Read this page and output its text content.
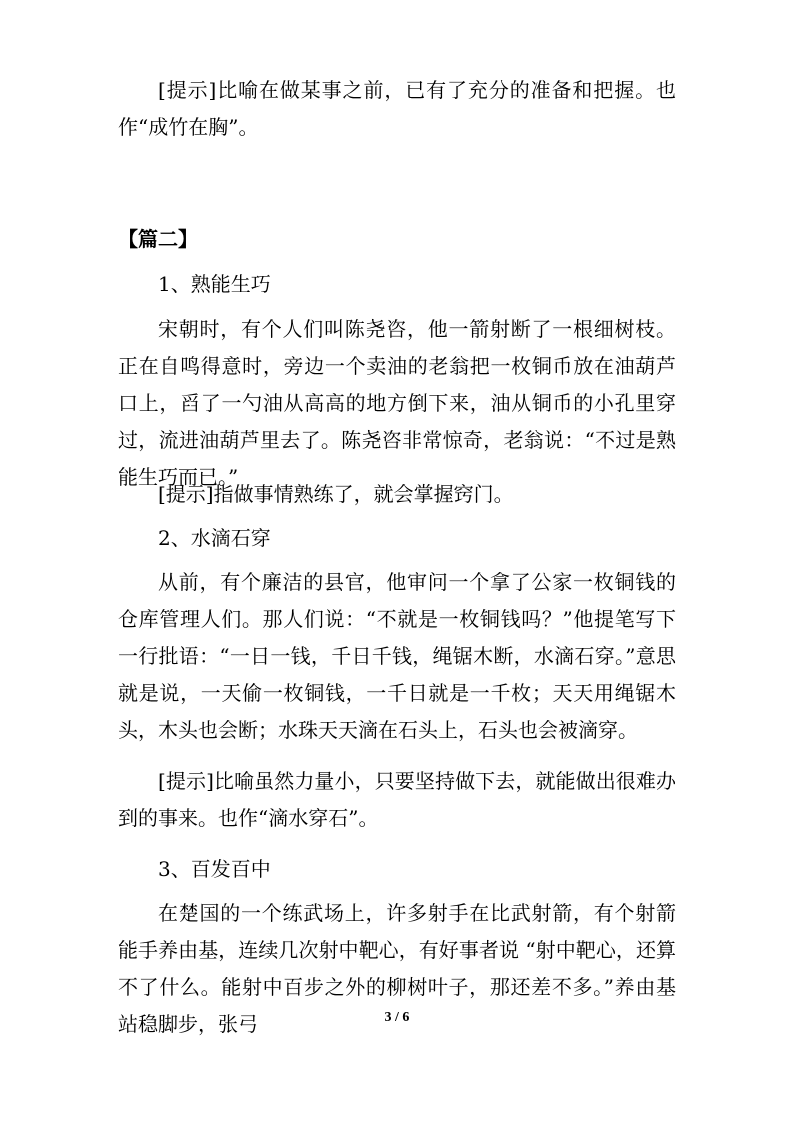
[提示]比喻在做某事之前，已有了充分的准备和把握。也作“成竹在胸”。

【篇二】

1、熟能生巧

宋朝时，有个人们叫陈尧咨，他一箭射断了一根细树枝。正在自鸣得意时，旁边一个卖油的老翁把一枚铜币放在油葫芦口上，舀了一勺油从高高的地方倒下来，油从铜币的小孔里穿过，流进油葫芦里去了。陈尧咨非常惊奇，老翁说：“不过是熟能生巧而已。”

[提示]指做事情熟练了，就会掌握窍门。

2、水滴石穿

从前，有个廉洁的县官，他审问一个拿了公家一枚铜钱的仓库管理人们。那人们说：“不就是一枚铜钱吗？”他提笔写下一行批语：“一日一钱，千日千钱，绳锯木断，水滴石穿。”意思就是说，一天偷一枚铜钱，一千日就是一千枚；天天用绳锯木头，木头也会断；水珠天天滴在石头上，石头也会被滴穿。

[提示]比喻虽然力量小，只要坚持做下去，就能做出很难办到的事来。也作“滴水穿石”。

3、百发百中

在楚国的一个练武场上，许多射手在比武射箭，有个射箭能手养由基，连续几次射中靶心，有好事者说 “射中靶心，还算不了什么。能射中百步之外的柳树叶子，那还差不多。”养由基站稳脚步，张弓	3 / 6
